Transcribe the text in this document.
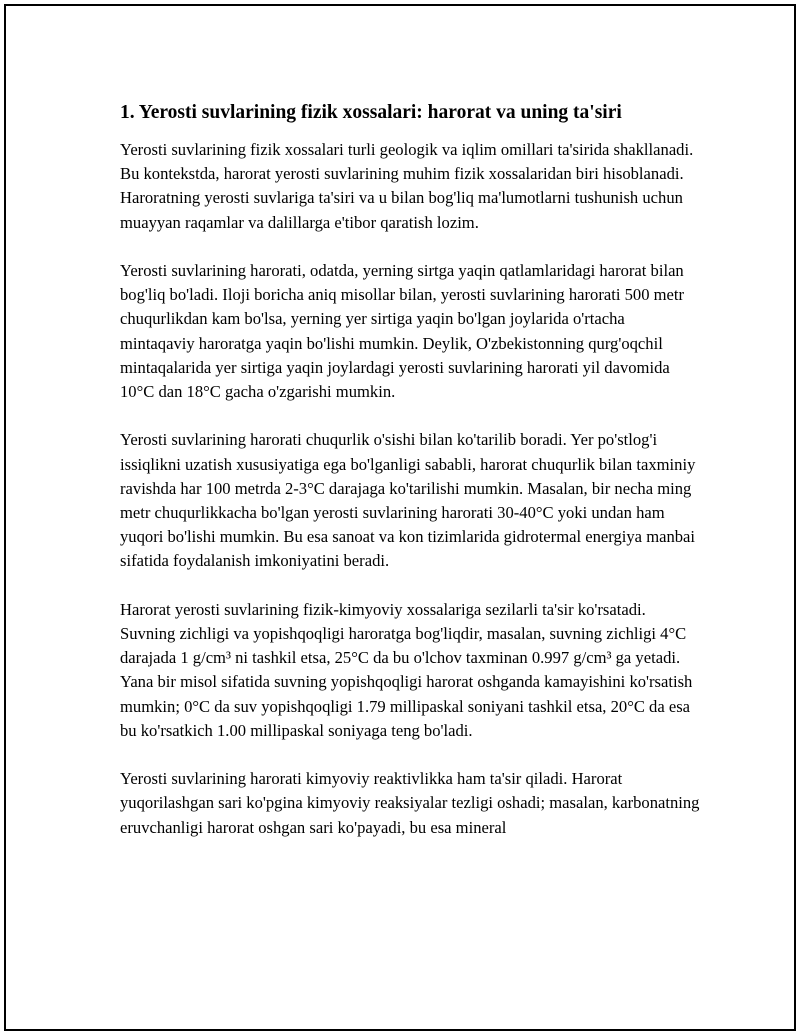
1. Yerosti suvlarining fizik xossalari: harorat va uning ta'siri

Yerosti suvlarining fizik xossalari turli geologik va iqlim omillari ta'sirida shakllanadi. Bu kontekstda, harorat yerosti suvlarining muhim fizik xossalaridan biri hisoblanadi. Haroratning yerosti suvlariga ta'siri va u bilan bog'liq ma'lumotlarni tushunish uchun muayyan raqamlar va dalillarga e'tibor qaratish lozim.

Yerosti suvlarining harorati, odatda, yerning sirtga yaqin qatlamlaridagi harorat bilan bog'liq bo'ladi. Iloji boricha aniq misollar bilan, yerosti suvlarining harorati 500 metr chuqurlikdan kam bo'lsa, yerning yer sirtiga yaqin bo'lgan joylarida o'rtacha mintaqaviy haroratga yaqin bo'lishi mumkin. Deylik, O'zbekistonning qurg'oqchil mintaqalarida yer sirtiga yaqin joylardagi yerosti suvlarining harorati yil davomida 10°C dan 18°C gacha o'zgarishi mumkin.

Yerosti suvlarining harorati chuqurlik o'sishi bilan ko'tarilib boradi. Yer po'stlog'i issiqlikni uzatish xususiyatiga ega bo'lganligi sababli, harorat chuqurlik bilan taxminiy ravishda har 100 metrda 2-3°C darajaga ko'tarilishi mumkin. Masalan, bir necha ming metr chuqurlikkacha bo'lgan yerosti suvlarining harorati 30-40°C yoki undan ham yuqori bo'lishi mumkin. Bu esa sanoat va kon tizimlarida gidrotermal energiya manbai sifatida foydalanish imkoniyatini beradi.

Harorat yerosti suvlarining fizik-kimyoviy xossalariga sezilarli ta'sir ko'rsatadi. Suvning zichligi va yopishqoqligi haroratga bog'liqdir, masalan, suvning zichligi 4°C darajada 1 g/cm³ ni tashkil etsa, 25°C da bu o'lchov taxminan 0.997 g/cm³ ga yetadi. Yana bir misol sifatida suvning yopishqoqligi harorat oshganda kamayishini ko'rsatish mumkin; 0°C da suv yopishqoqligi 1.79 millipaskal soniyani tashkil etsa, 20°C da esa bu ko'rsatkich 1.00 millipaskal soniyaga teng bo'ladi.

Yerosti suvlarining harorati kimyoviy reaktivlikka ham ta'sir qiladi. Harorat yuqorilashgan sari ko'pgina kimyoviy reaksiyalar tezligi oshadi; masalan, karbonatning eruvchanligi harorat oshgan sari ko'payadi, bu esa mineral
